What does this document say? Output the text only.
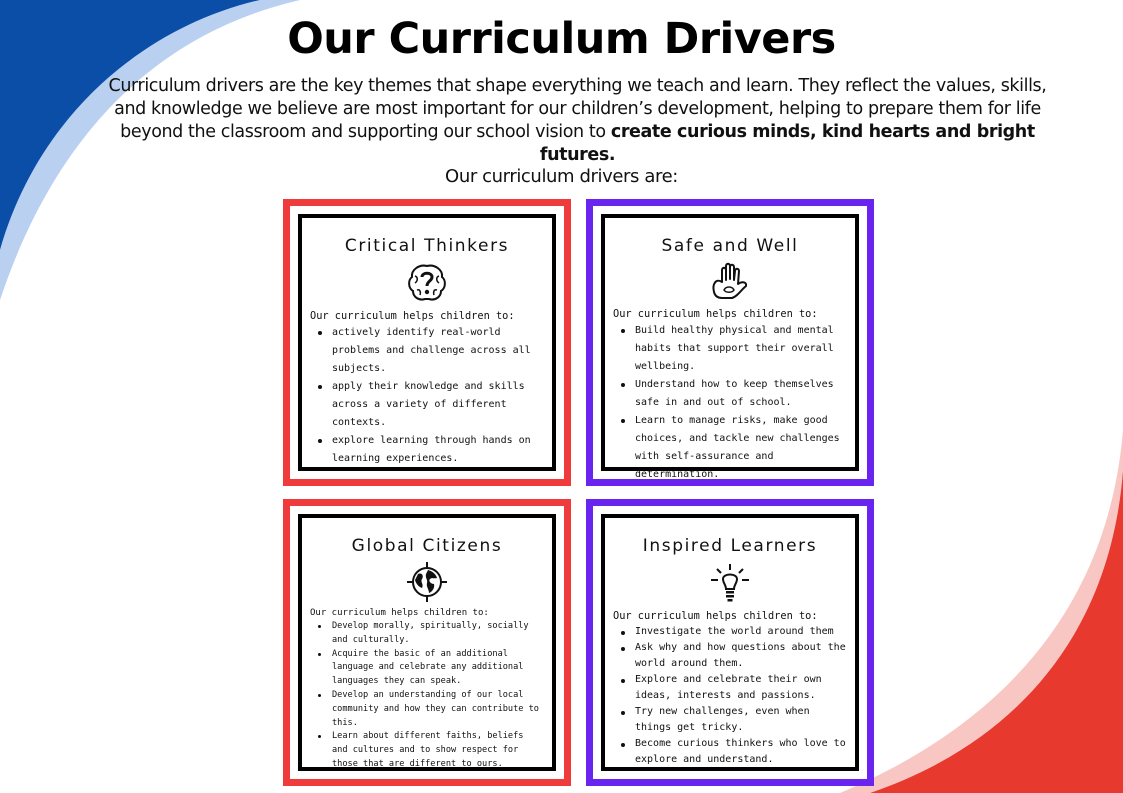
Our Curriculum Drivers
Curriculum drivers are the key themes that shape everything we teach and learn. They reflect the values, skills, and knowledge we believe are most important for our children’s development, helping to prepare them for life beyond the classroom and supporting our school vision to create curious minds, kind hearts and bright futures.
Our curriculum drivers are:
Critical Thinkers
Our curriculum helps children to:
actively identify real-world problems and challenge across all subjects.
apply their knowledge and skills across a variety of different contexts.
explore learning through hands on learning experiences.
Safe and Well
Our curriculum helps children to:
Build healthy physical and mental habits that support their overall wellbeing.
Understand how to keep themselves safe in and out of school.
Learn to manage risks, make good choices, and tackle new challenges with self-assurance and determination.
Global Citizens
Our curriculum helps children to:
Develop morally, spiritually, socially and culturally.
Acquire the basic of an additional language and celebrate any additional languages they can speak.
Develop an understanding of our local community and how they can contribute to this.
Learn about different faiths, beliefs and cultures and to show respect for those that are different to ours.
Inspired Learners
Our curriculum helps children to:
Investigate the world around them
Ask why and how questions about the world around them.
Explore and celebrate their own ideas, interests and passions.
Try new challenges, even when things get tricky.
Become curious thinkers who love to explore and understand.
